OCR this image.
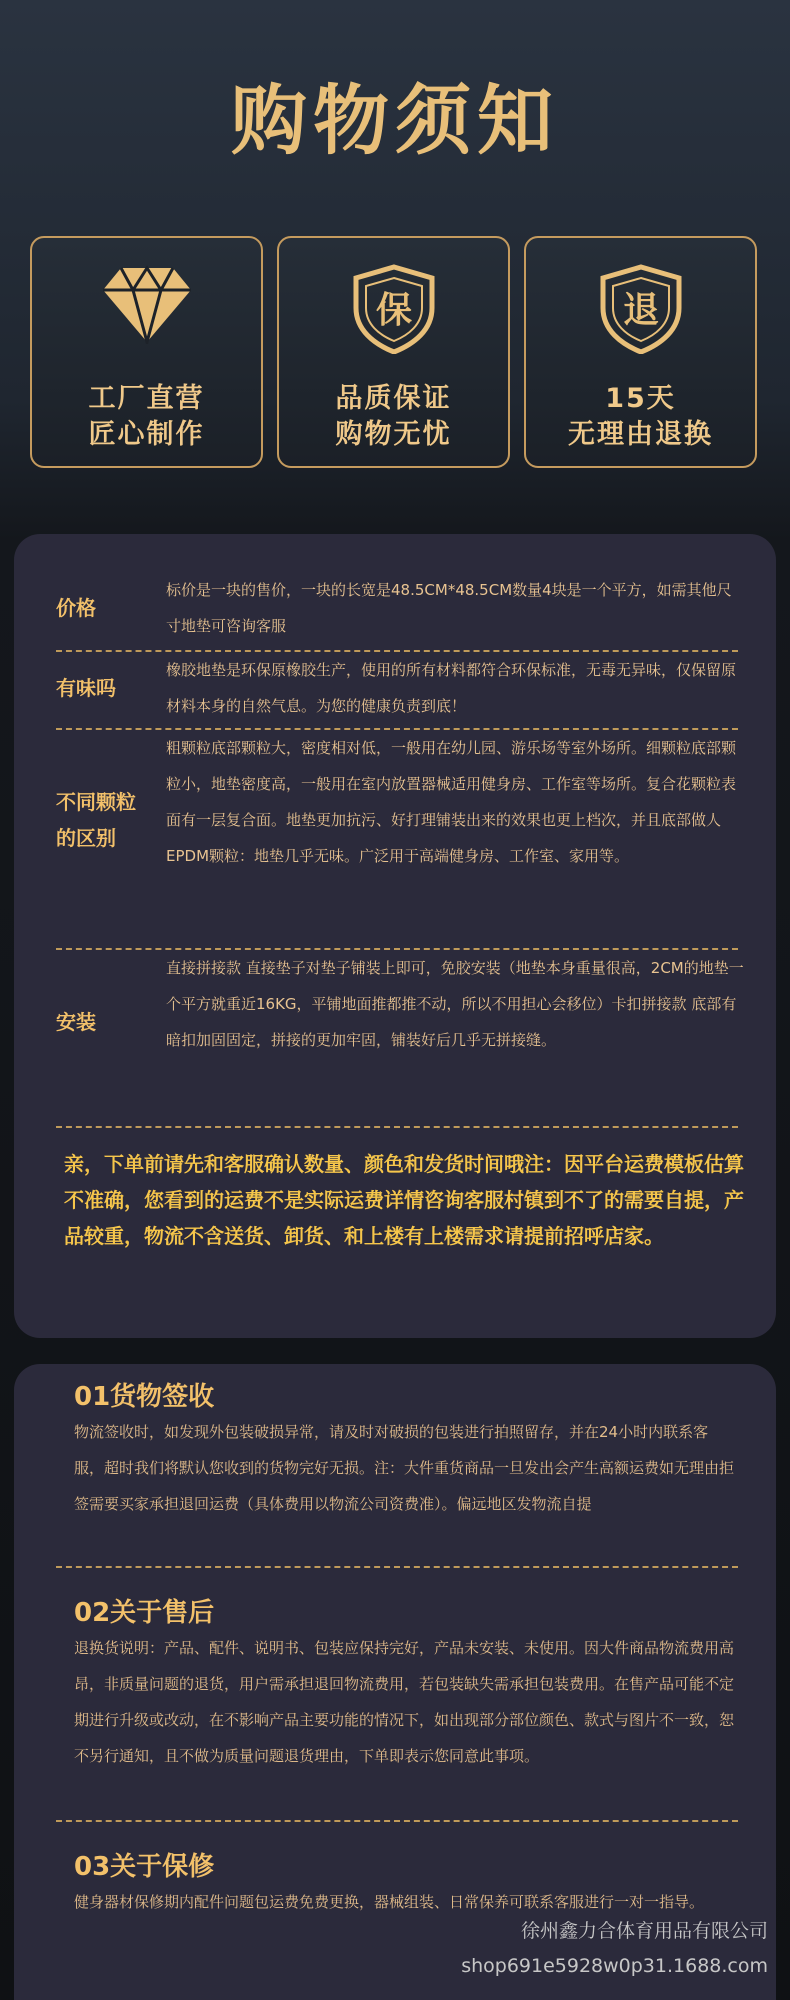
购物须知
工厂直营
匠心制作
保
品质保证
购物无忧
退
15天
无理由退换
价格
标价是一块的售价，一块的长宽是48.5CM*48.5CM数量4块是一个平方，如需其他尺寸地垫可咨询客服
有味吗
橡胶地垫是环保原橡胶生产，使用的所有材料都符合环保标准，无毒无异味，仅保留原材料本身的自然气息。为您的健康负责到底！
不同颗粒的区别
粗颗粒底部颗粒大，密度相对低，一般用在幼儿园、游乐场等室外场所。细颗粒底部颗粒小，地垫密度高，一般用在室内放置器械适用健身房、工作室等场所。复合花颗粒表面有一层复合面。地垫更加抗污、好打理铺装出来的效果也更上档次，并且底部做人EPDM颗粒：地垫几乎无味。广泛用于高端健身房、工作室、家用等。
安装
直接拼接款 直接垫子对垫子铺装上即可，免胶安装（地垫本身重量很高，2CM的地垫一个平方就重近16KG，平铺地面推都推不动，所以不用担心会移位）卡扣拼接款 底部有暗扣加固固定，拼接的更加牢固，铺装好后几乎无拼接缝。
亲，下单前请先和客服确认数量、颜色和发货时间哦注：因平台运费模板估算不准确，您看到的运费不是实际运费详情咨询客服村镇到不了的需要自提，产品较重，物流不含送货、卸货、和上楼有上楼需求请提前招呼店家。
01货物签收
物流签收时，如发现外包装破损异常，请及时对破损的包装进行拍照留存，并在24小时内联系客服，超时我们将默认您收到的货物完好无损。注：大件重货商品一旦发出会产生高额运费如无理由拒签需要买家承担退回运费（具体费用以物流公司资费准）。偏远地区发物流自提
02关于售后
退换货说明：产品、配件、说明书、包装应保持完好，产品未安装、未使用。因大件商品物流费用高昂，非质量问题的退货，用户需承担退回物流费用，若包装缺失需承担包装费用。在售产品可能不定期进行升级或改动，在不影响产品主要功能的情况下，如出现部分部位颜色、款式与图片不一致，恕不另行通知，且不做为质量问题退货理由，下单即表示您同意此事项。
03关于保修
健身器材保修期内配件问题包运费免费更换，器械组装、日常保养可联系客服进行一对一指导。
徐州鑫力合体育用品有限公司
shop691e5928w0p31.1688.com
